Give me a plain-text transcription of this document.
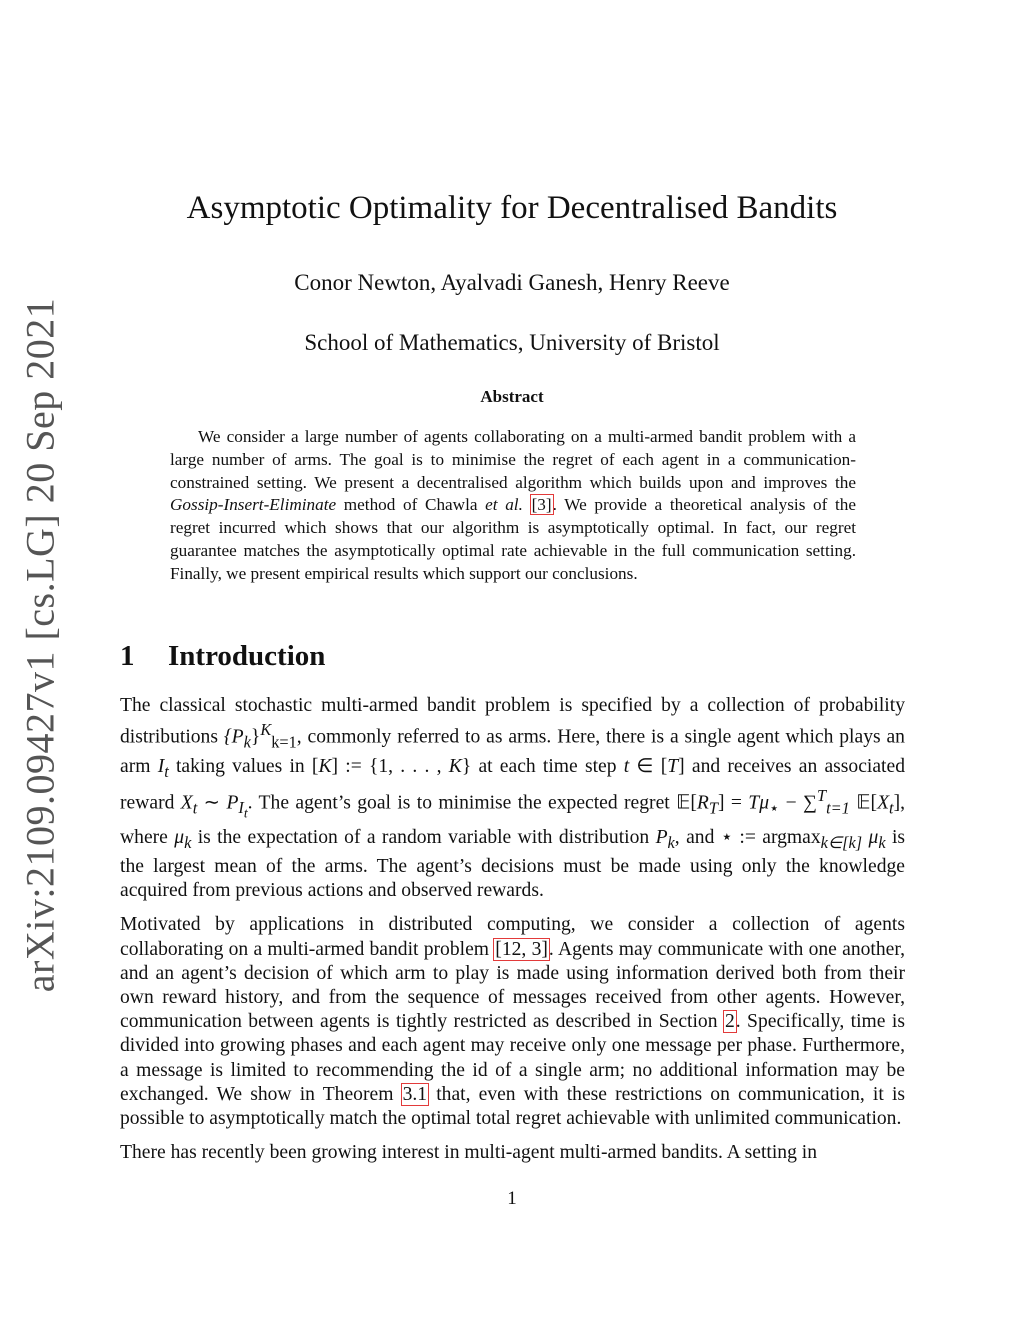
arXiv:2109.09427v1 [cs.LG] 20 Sep 2021
Asymptotic Optimality for Decentralised Bandits
Conor Newton, Ayalvadi Ganesh, Henry Reeve
School of Mathematics, University of Bristol
Abstract

We consider a large number of agents collaborating on a multi-armed bandit problem with a large number of arms. The goal is to minimise the regret of each agent in a communication-constrained setting. We present a decentralised algorithm which builds upon and improves the Gossip-Insert-Eliminate method of Chawla et al. [3]. We provide a theoretical analysis of the regret incurred which shows that our algorithm is asymptotically optimal. In fact, our regret guarantee matches the asymptotically optimal rate achievable in the full communication setting. Finally, we present empirical results which support our conclusions.

1 Introduction

The classical stochastic multi-armed bandit problem is specified by a collection of probability distributions $\{P_k\}^K_{k=1}$, commonly referred to as arms. Here, there is a single agent which plays an arm $I_t$ taking values in [K] := {1, . . . , K} at each time step t ∈ [T] and receives an associated reward $X_t$ ∼ $P_{I_t}$. The agent’s goal is to minimise the expected regret $𝔼[R_T] = T\mu_⋆ - \sum^T_{t=1}$ $𝔼[X_t]$, where $\mu_k$ is the expectation of a random variable with distribution $P_k$, and ⋆ := argmax$_{k\in[k]}$ $\mu_k$ is the largest mean of the arms. The agent’s decisions must be made using only the knowledge acquired from previous actions and observed rewards.

Motivated by applications in distributed computing, we consider a collection of agents collaborating on a multi-armed bandit problem [12, 3]. Agents may communicate with one another, and an agent’s decision of which arm to play is made using information derived both from their own reward history, and from the sequence of messages received from other agents. However, communication between agents is tightly restricted as described in Section 2. Specifically, time is divided into growing phases and each agent may receive only one message per phase. Furthermore, a message is limited to recommending the id of a single arm; no additional information may be exchanged. We show in Theorem 3.1 that, even with these restrictions on communication, it is possible to asymptotically match the optimal total regret achievable with unlimited communication.

There has recently been growing interest in multi-agent multi-armed bandits. A setting in

1
